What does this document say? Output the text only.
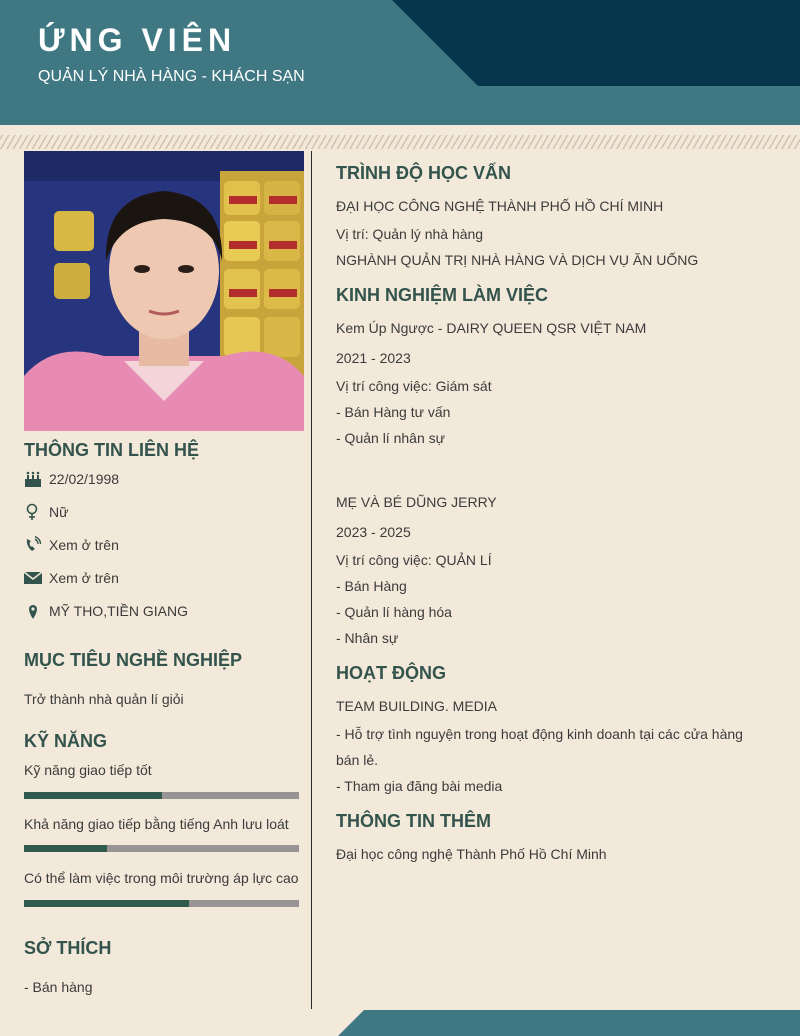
ỨNG VIÊN
QUẢN LÝ NHÀ HÀNG - KHÁCH SẠN
THÔNG TIN LIÊN HỆ
22/02/1998
Nữ
Xem ở trên
Xem ở trên
MỸ THO,TIỀN GIANG
MỤC TIÊU NGHỀ NGHIỆP
Trở thành nhà quản lí giỏi
KỸ NĂNG
Kỹ năng giao tiếp tốt
Khả năng giao tiếp bằng tiếng Anh lưu loát
Có thể làm việc trong môi trường áp lực cao
SỞ THÍCH
- Bán hàng
TRÌNH ĐỘ HỌC VẤN
ĐẠI HỌC CÔNG NGHỆ THÀNH PHỐ HỒ CHÍ MINH
Vị trí: Quản lý nhà hàng
NGHÀNH QUẢN TRỊ NHÀ HÀNG VÀ DỊCH VỤ ĂN UỐNG
KINH NGHIỆM LÀM VIỆC
Kem Úp Ngược - DAIRY QUEEN QSR VIỆT NAM
2021 - 2023
Vị trí công việc: Giám sát
- Bán Hàng tư vấn
- Quản lí nhân sự
MẸ VÀ BÉ DŨNG JERRY
2023 - 2025
Vị trí công việc: QUẢN LÍ
- Bán Hàng
- Quản lí hàng hóa
- Nhân sự
HOẠT ĐỘNG
TEAM BUILDING. MEDIA
- Hỗ trợ tình nguyện trong hoạt động kinh doanh tại các cửa hàng bán lẻ.
- Tham gia đăng bài media
THÔNG TIN THÊM
Đại học công nghệ Thành Phố Hồ Chí Minh
